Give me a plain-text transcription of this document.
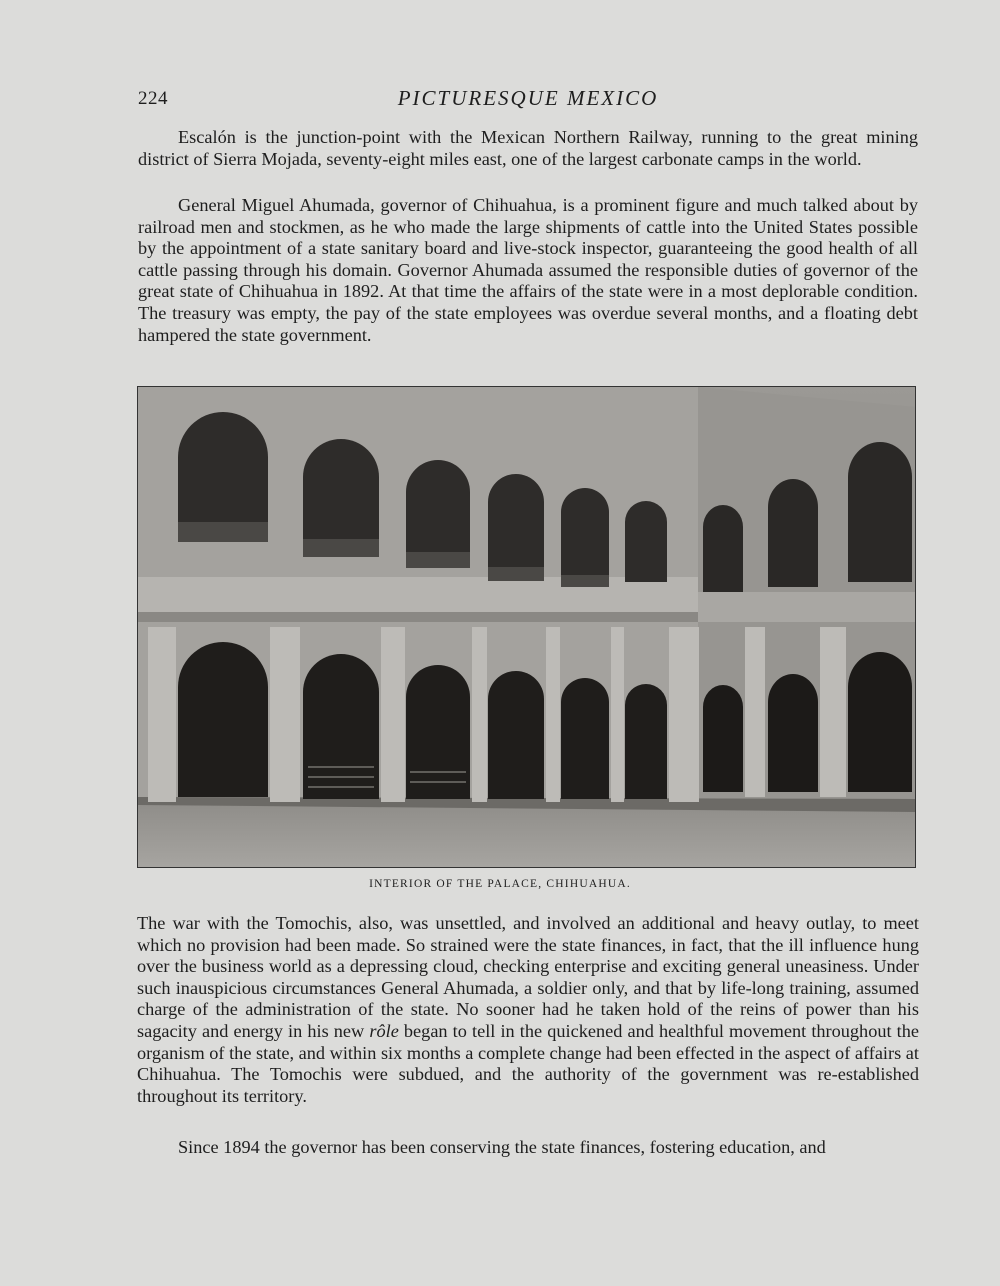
224	PICTURESQUE MEXICO

Escalón is the junction-point with the Mexican Northern Railway, running to the great mining district of Sierra Mojada, seventy-eight miles east, one of the largest carbonate camps in the world.

General Miguel Ahumada, governor of Chihuahua, is a prominent figure and much talked about by railroad men and stockmen, as he who made the large shipments of cattle into the United States possible by the appointment of a state sanitary board and live-stock inspector, guaranteeing the good health of all cattle passing through his domain. Governor Ahumada assumed the responsible duties of governor of the great state of Chihuahua in 1892. At that time the affairs of the state were in a most deplorable condition. The treasury was empty, the pay of the state employees was overdue several months, and a floating debt hampered the state government.

INTERIOR OF THE PALACE, CHIHUAHUA.

The war with the Tomochis, also, was unsettled, and involved an additional and heavy outlay, to meet which no provision had been made. So strained were the state finances, in fact, that the ill influence hung over the business world as a depressing cloud, checking enterprise and exciting general uneasiness. Under such inauspicious circumstances General Ahumada, a soldier only, and that by life-long training, assumed charge of the administration of the state. No sooner had he taken hold of the reins of power than his sagacity and energy in his new rôle began to tell in the quickened and healthful movement throughout the organism of the state, and within six months a complete change had been effected in the aspect of affairs at Chihuahua. The Tomochis were subdued, and the authority of the government was re-established throughout its territory.

Since 1894 the governor has been conserving the state finances, fostering education, and
